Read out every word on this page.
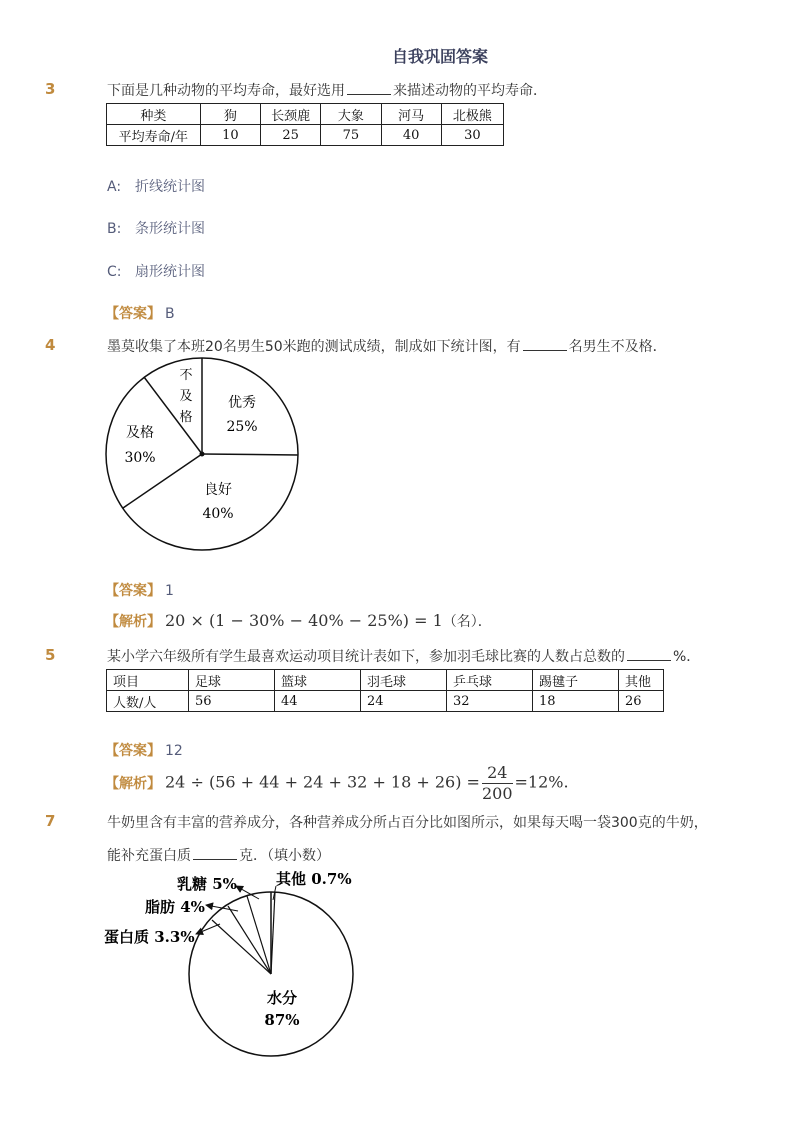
自我巩固答案
3	下面是几种动物的平均寿命，最好选用	来描述动物的平均寿命．
种类	狗	长颈鹿	大象	河马	北极熊
平均寿命/年	10	25	75	40	30
A: 折线统计图
B: 条形统计图
C: 扇形统计图
【答案】 B
4	墨莫收集了本班20名男生50米跑的测试成绩，制成如下统计图，有	名男生不及格．
优秀
25%
良好
40%
及格
30%
不
及
格
【答案】 1
【解析】 20 × (1 − 30% − 40% − 25%) = 1（名）．
5	某小学六年级所有学生最喜欢运动项目统计表如下，参加羽毛球比赛的人数占总数的	%．
项目	足球	篮球	羽毛球	乒乓球	踢毽子	其他
人数/人	56	44	24	32	18	26
【答案】 12
【解析】 $24 \div (56 + 44 + 24 + 32 + 18 + 26) = \frac{24}{200} =12\%$.
7	牛奶里含有丰富的营养成分，各种营养成分所占百分比如图所示，如果每天喝一袋300克的牛奶，
能补充蛋白质	克．（填小数）
乳糖 5%
脂肪 4%
蛋白质 3.3%
其他 0.7%
水分
87%
